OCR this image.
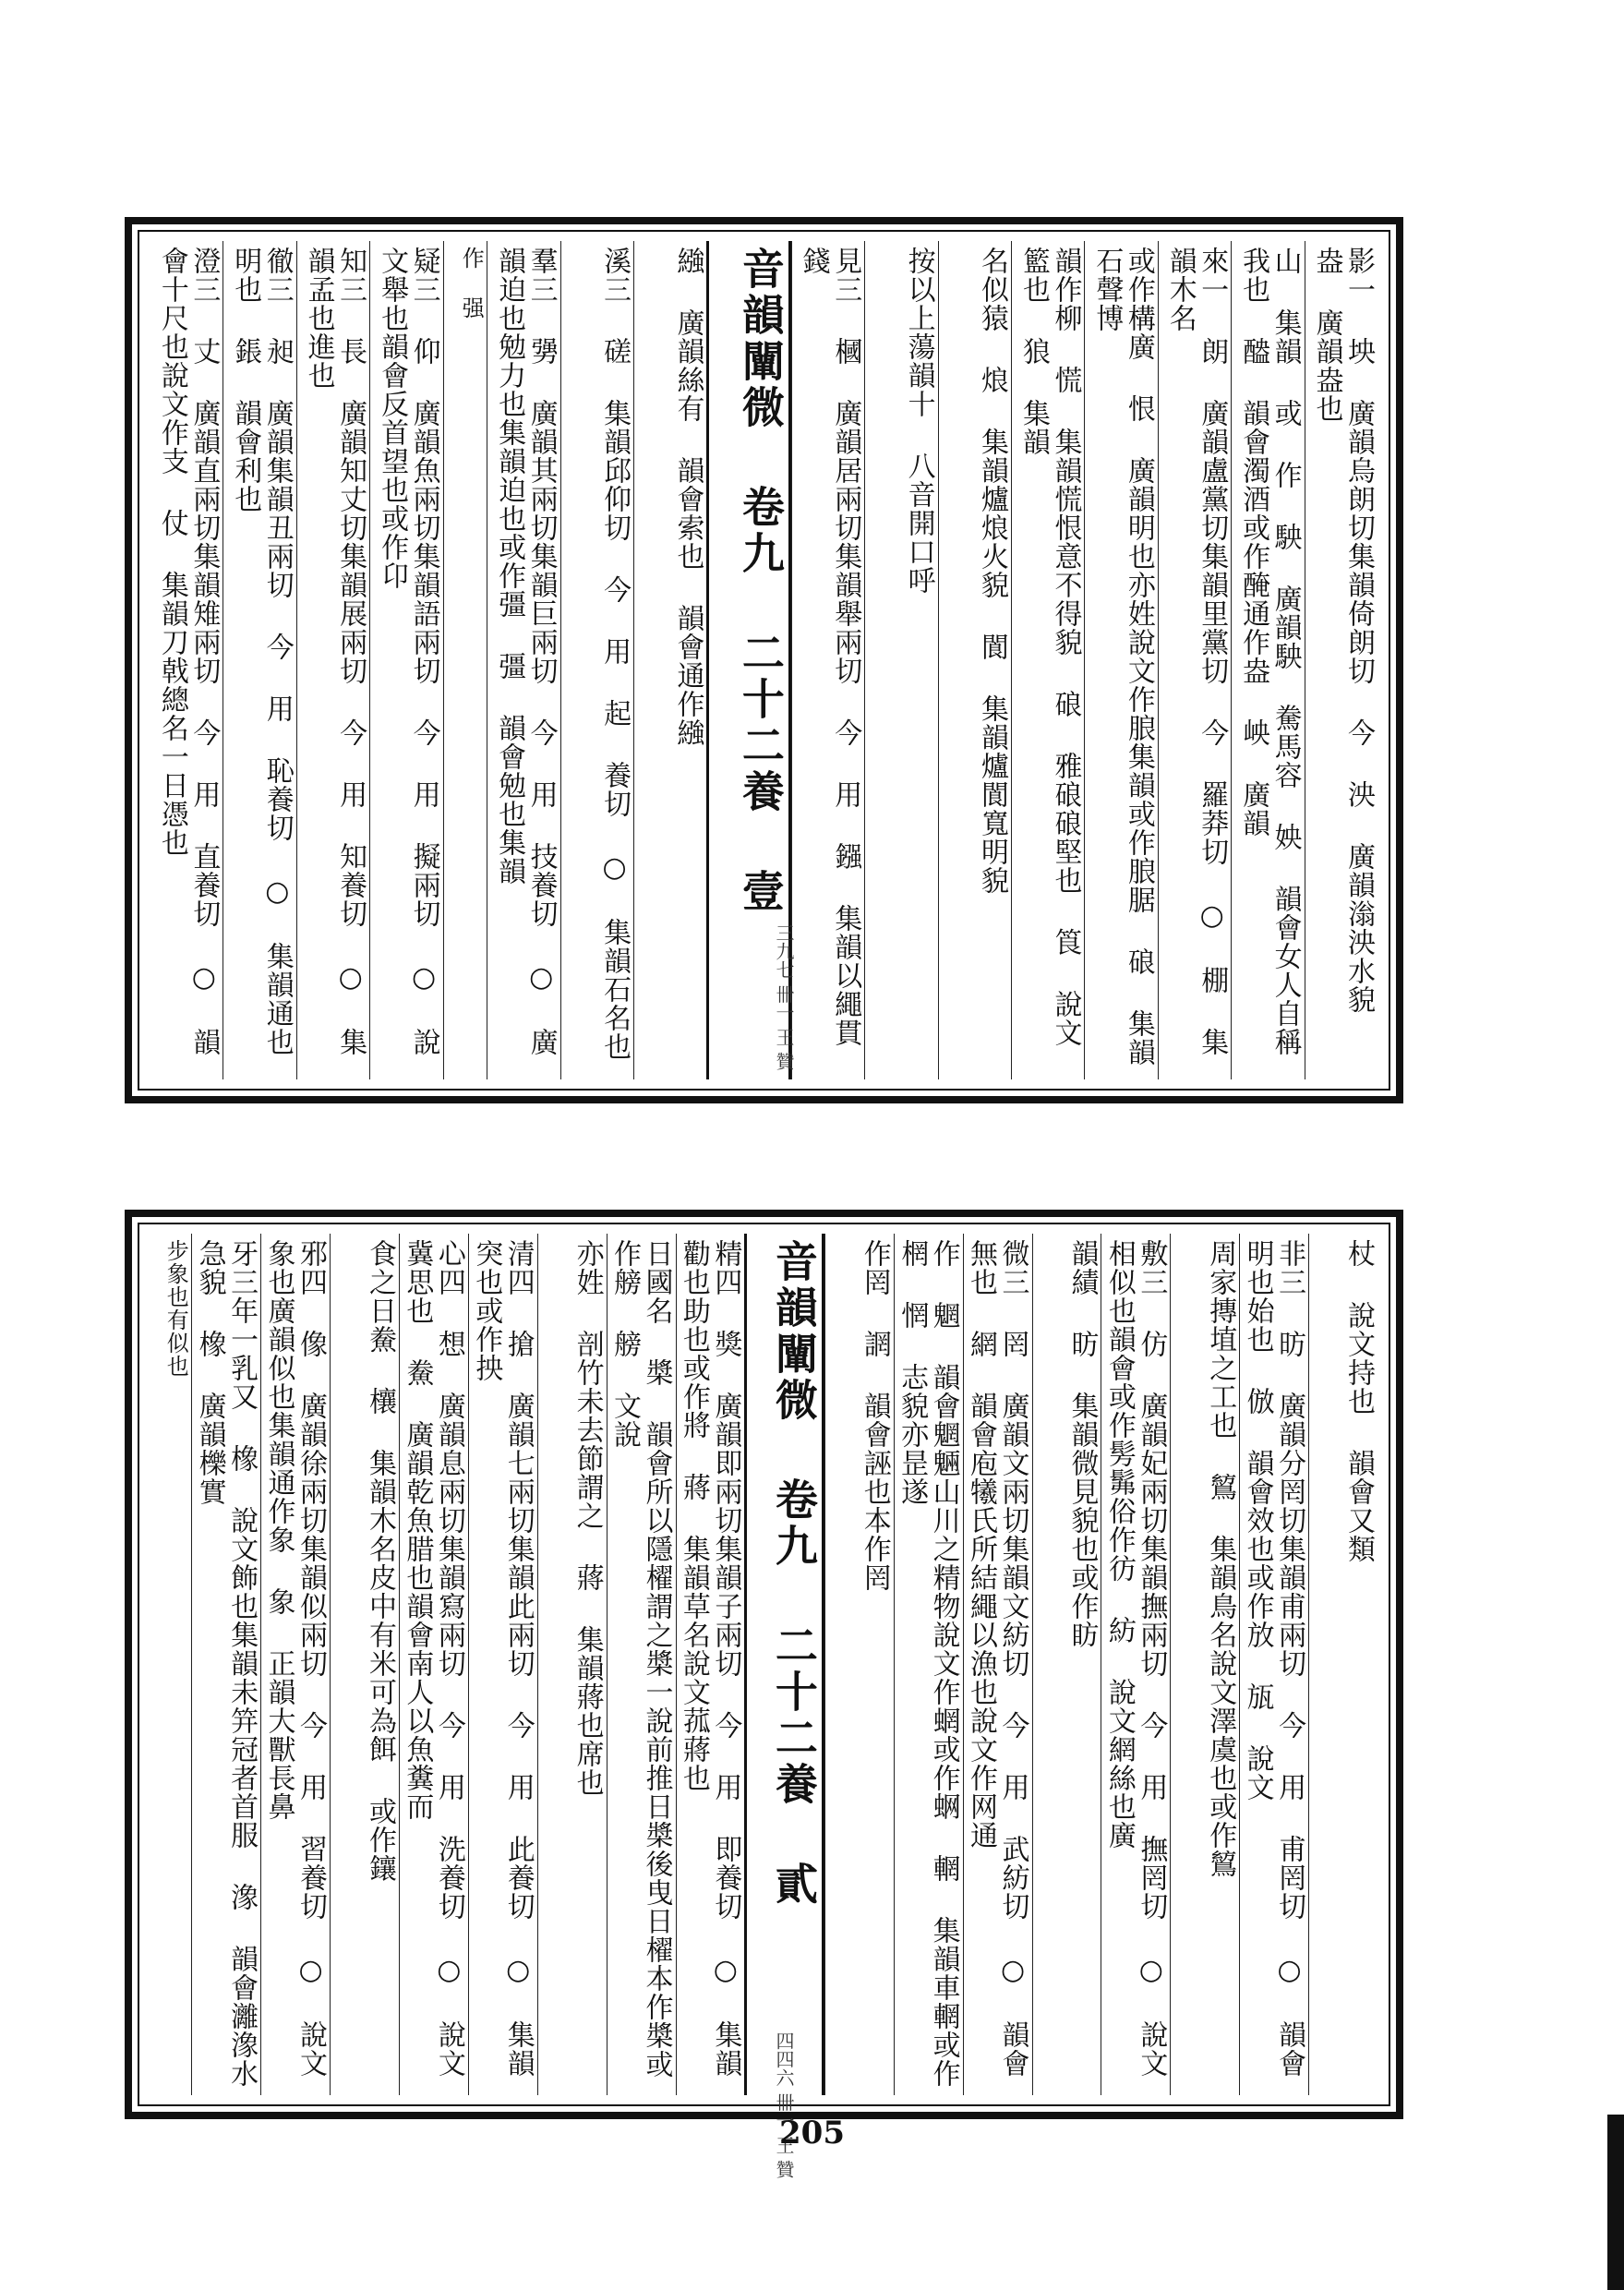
影一 坱 廣韻烏朗切集韻倚朗切 今 泱 廣韻滃泱水貌 盎 廣韻盎也
山 集韻 或 作 駚 廣韻駚 駦馬容 姎 韻會女人自稱我也 醠 韻會濁酒或作醃通作盎 岟 廣韻
來一 朗 廣韻盧黨切集韻里黨切 今 羅莽切 ○ 棚 集韻木名
或作構廣 恨 廣韻明也亦姓說文作朖集韻或作朖腒 硠 集韻石聲博
韻作柳 慌 集韻慌恨意不得貌 硠 雅硠硠堅也 筤 說文籃也 狼 集韻
名似猿 烺 集韻爐烺火貌 閬 集韻爐閬寬明貌
按以上蕩韻十 八音開口呼
見三 槶 廣韻居兩切集韻舉兩切 今 用 鏹 集韻以繩貫錢
音韻闡微 卷九 二十二養 壹
繈 廣韻絲有 韻會索也 韻會通作繈
溪三 磋 集韻邱仰切 今 用 起 養切 ○ 集韻石名也
羣三 勥 廣韻其兩切集韻巨兩切 今 用 技養切 ○ 廣韻迫也勉力也集韻迫也或作彊 彊 韻會勉也集韻
作 强
疑三 仰 廣韻魚兩切集韻語兩切 今 用 擬兩切 ○ 說文舉也韻會反首望也或作卬
知三 長 廣韻知丈切集韻展兩切 今 用 知養切 ○ 集韻孟也進也
徹三 昶 廣韻集韻丑兩切 今 用 恥養切 ○ 集韻通也明也 鋹 韻會利也
澄三 丈 廣韻直兩切集韻雉兩切 今 用 直養切 ○ 韻會十尺也說文作支 仗 集韻刀戟總名一日憑也
三九七 卌一 王 贊
杖 說文持也 韻會又類
非三 昉 廣韻分罔切集韻甫兩切 今 用 甫罔切 ○ 韻會明也始也 倣 韻會效也或作放 瓬 說文
周家摶埴之工也 鶭 集韻鳥名說文澤虞也或作鶭
敷三 仿 廣韻妃兩切集韻撫兩切 今 用 撫罔切 ○ 說文相似也韻會或作髣髴俗作彷 紡 說文網絲也廣
韻績 昉 集韻微見貌也或作眆
微三 罔 廣韻文兩切集韻文紡切 今 用 武紡切 ○ 韻會無也 網 韻會庖犧氏所結繩以漁也說文作网通
作 魍 韻會魍魎山川之精物說文作蝄或作蛧 輞 集韻車輞或作棢 惘 志貌亦昰遂
作罔 誷 韻會誣也本作罔
音韻闡微 卷九 二十二養 貳
精四 獎 廣韻即兩切集韻子兩切 今 用 即養切 ○ 集韻勸也助也或作將 蔣 集韻草名說文菰蔣也
日國名 槳 韻會所以隱櫂謂之槳一說前推日槳後曳日櫂本作槳或作艕 艕 文說
亦姓 剖竹未去節謂之 蔣 集韻蔣也席也
清四 搶 廣韻七兩切集韻此兩切 今 用 此養切 ○ 集韻突也或作抰
心四 想 廣韻息兩切集韻寫兩切 今 用 洗養切 ○ 說文冀思也 鮝 廣韻乾魚腊也韻會南人以魚糞而
食之日鮝 欀 集韻木名皮中有米可為餌 或作鑲
邪四 像 廣韻徐兩切集韻似兩切 今 用 習養切 ○ 說文象也廣韻似也集韻通作象 象 正韻大獸長鼻
牙三年一乳又 橡 說文飾也集韻未笄冠者首服 潒 韻會灕潒水急貌 橡 廣韻櫟實
步象也有似也
四四六 卌一 王 贊
205
